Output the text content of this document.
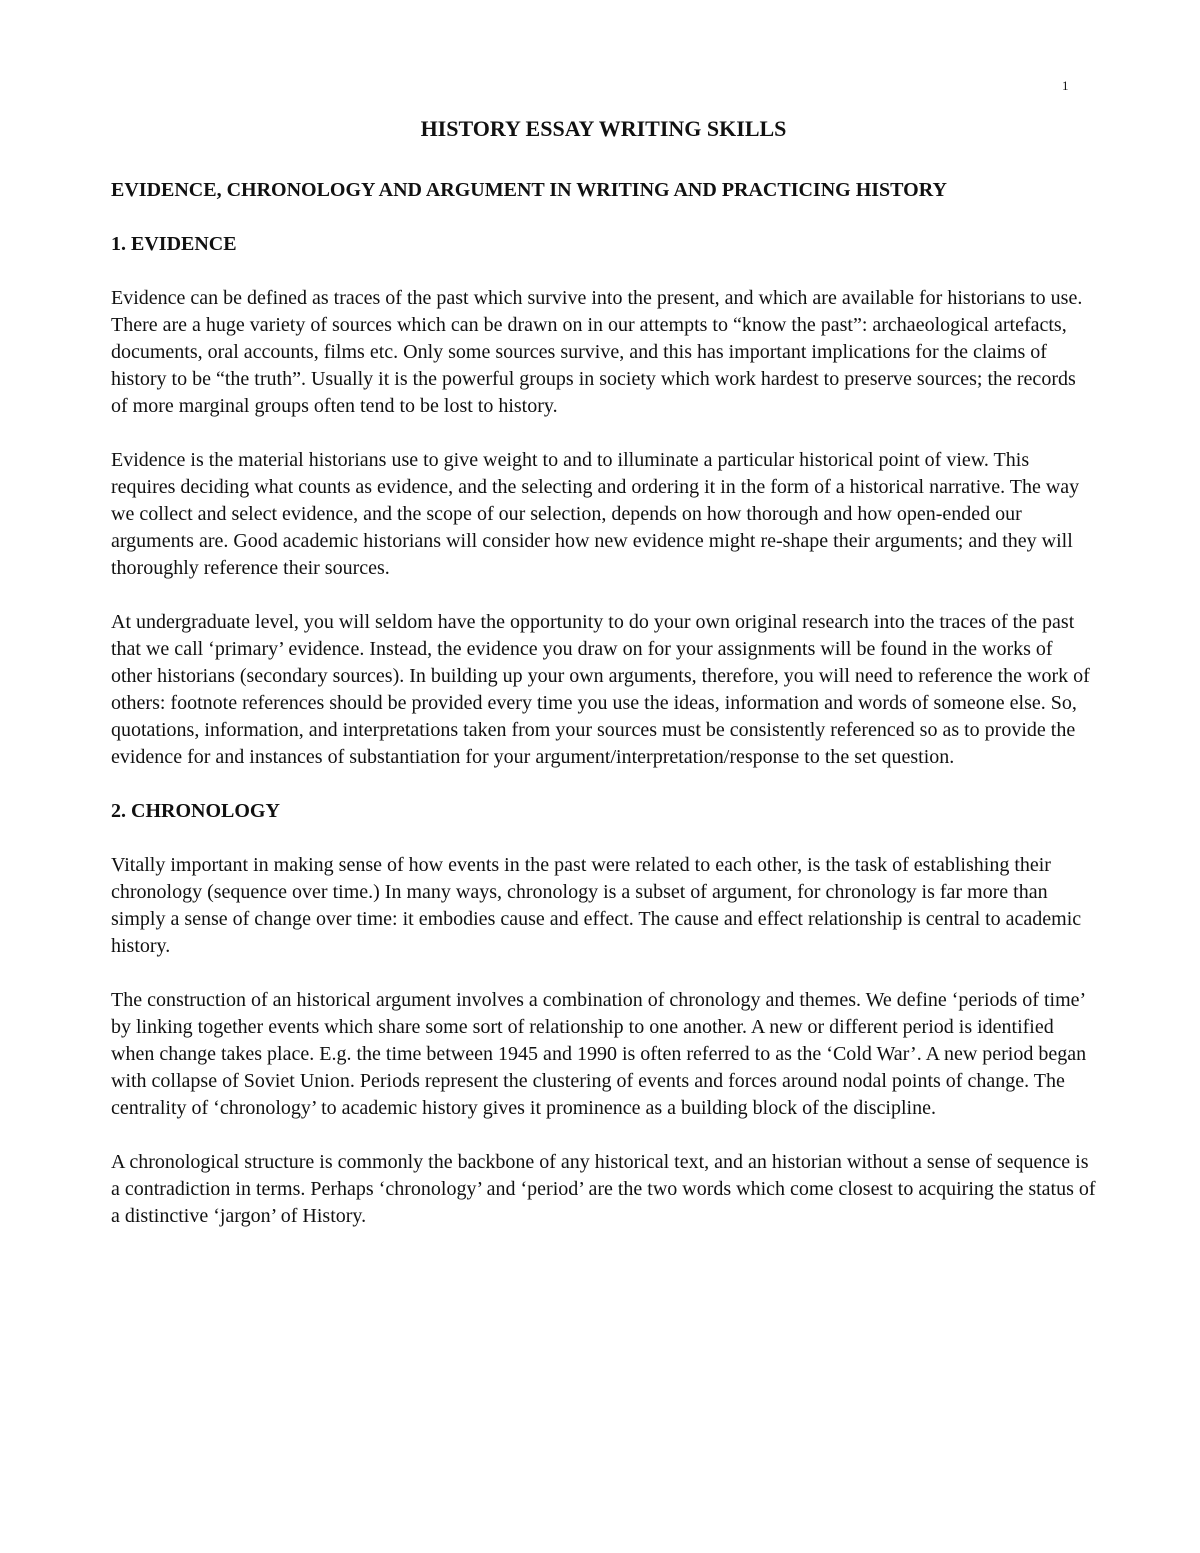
1
HISTORY ESSAY WRITING SKILLS
EVIDENCE, CHRONOLOGY AND ARGUMENT IN WRITING AND PRACTICING HISTORY
1. EVIDENCE

Evidence can be defined as traces of the past which survive into the present, and which are available for historians to use. There are a huge variety of sources which can be drawn on in our attempts to “know the past”: archaeological artefacts, documents, oral accounts, films etc. Only some sources survive, and this has important implications for the claims of history to be “the truth”. Usually it is the powerful groups in society which work hardest to preserve sources; the records of more marginal groups often tend to be lost to history.

Evidence is the material historians use to give weight to and to illuminate a particular historical point of view. This requires deciding what counts as evidence, and the selecting and ordering it in the form of a historical narrative. The way we collect and select evidence, and the scope of our selection, depends on how thorough and how open-ended our arguments are. Good academic historians will consider how new evidence might re-shape their arguments; and they will thoroughly reference their sources.

At undergraduate level, you will seldom have the opportunity to do your own original research into the traces of the past that we call ‘primary’ evidence. Instead, the evidence you draw on for your assignments will be found in the works of other historians (secondary sources). In building up your own arguments, therefore, you will need to reference the work of others: footnote references should be provided every time you use the ideas, information and words of someone else. So, quotations, information, and interpretations taken from your sources must be consistently referenced so as to provide the evidence for and instances of substantiation for your argument/interpretation/response to the set question.

2. CHRONOLOGY

Vitally important in making sense of how events in the past were related to each other, is the task of establishing their chronology (sequence over time.) In many ways, chronology is a subset of argument, for chronology is far more than simply a sense of change over time: it embodies cause and effect. The cause and effect relationship is central to academic history.

The construction of an historical argument involves a combination of chronology and themes. We define ‘periods of time’ by linking together events which share some sort of relationship to one another. A new or different period is identified when change takes place. E.g. the time between 1945 and 1990 is often referred to as the ‘Cold War’. A new period began with collapse of Soviet Union. Periods represent the clustering of events and forces around nodal points of change. The centrality of ‘chronology’ to academic history gives it prominence as a building block of the discipline.

A chronological structure is commonly the backbone of any historical text, and an historian without a sense of sequence is a contradiction in terms. Perhaps ‘chronology’ and ‘period’ are the two words which come closest to acquiring the status of a distinctive ‘jargon’ of History.
